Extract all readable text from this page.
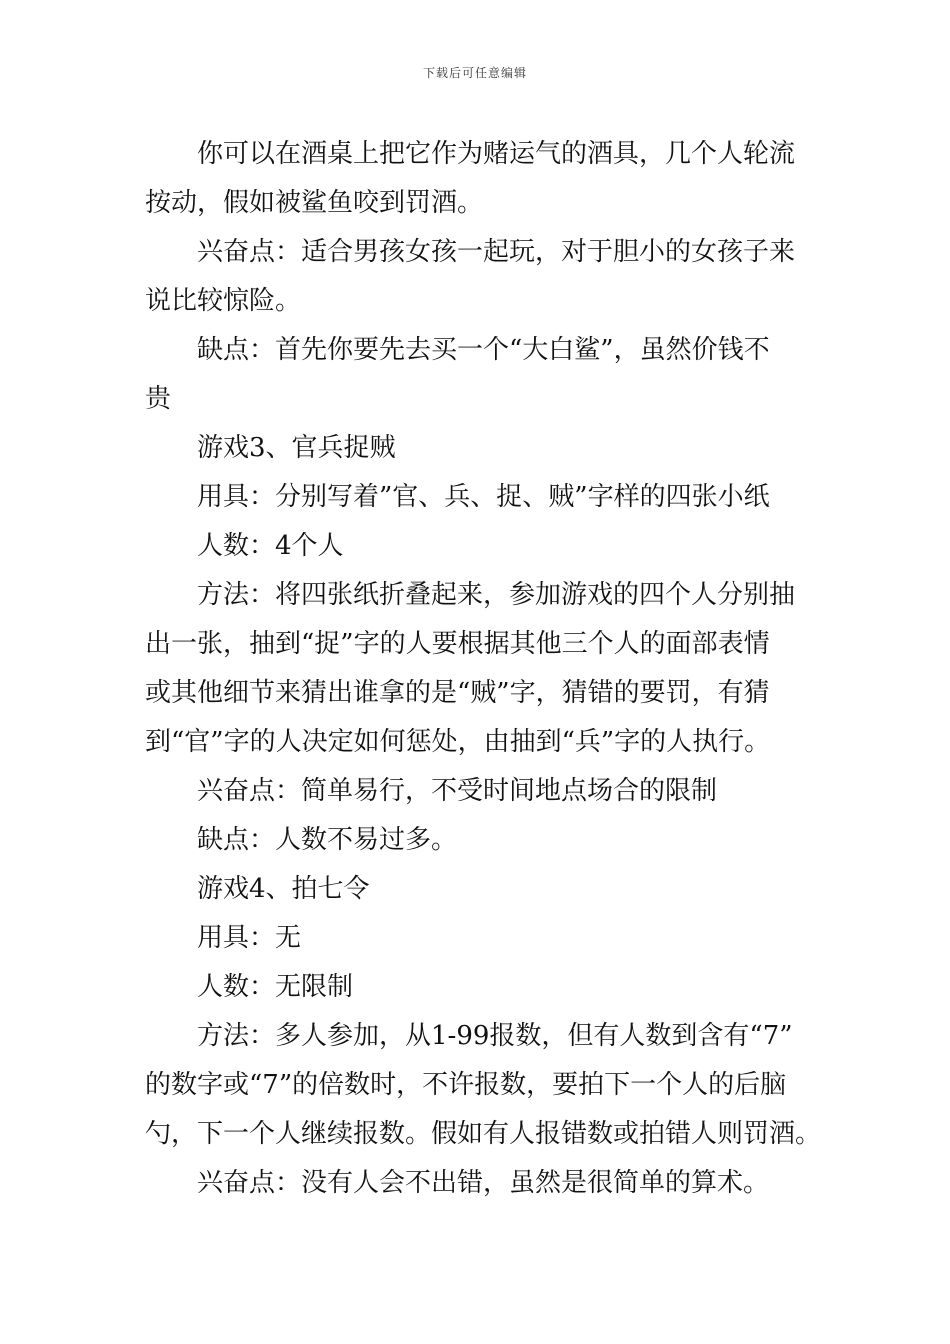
下载后可任意编辑
你可以在酒桌上把它作为赌运气的酒具，几个人轮流
按动，假如被鲨鱼咬到罚酒。
兴奋点：适合男孩女孩一起玩，对于胆小的女孩子来
说比较惊险。
缺点：首先你要先去买一个“大白鲨”，虽然价钱不
贵
游戏3、官兵捉贼
用具：分别写着”官、兵、捉、贼”字样的四张小纸
人数：4个人
方法：将四张纸折叠起来，参加游戏的四个人分别抽
出一张，抽到“捉”字的人要根据其他三个人的面部表情
或其他细节来猜出谁拿的是“贼”字，猜错的要罚，有猜
到“官”字的人决定如何惩处，由抽到“兵”字的人执行。
兴奋点：简单易行，不受时间地点场合的限制
缺点：人数不易过多。
游戏4、拍七令
用具：无
人数：无限制
方法：多人参加，从1-99报数，但有人数到含有“7”
的数字或“7”的倍数时，不许报数，要拍下一个人的后脑
勺，下一个人继续报数。假如有人报错数或拍错人则罚酒。
兴奋点：没有人会不出错，虽然是很简单的算术。
